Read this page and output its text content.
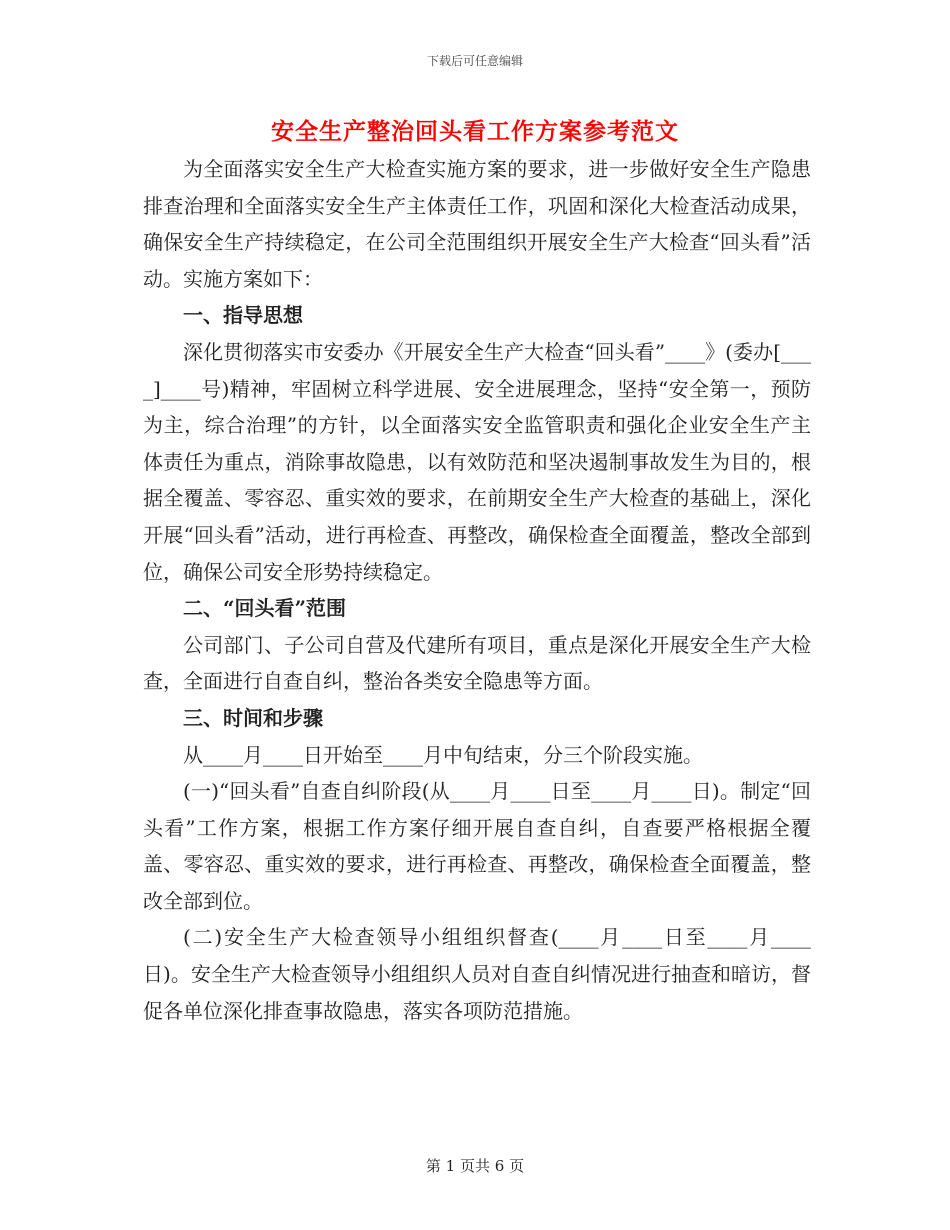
下载后可任意编辑
安全生产整治回头看工作方案参考范文

为全面落实安全生产大检查实施方案的要求，进一步做好安全生产隐患排查治理和全面落实安全生产主体责任工作，巩固和深化大检查活动成果，确保安全生产持续稳定，在公司全范围组织开展安全生产大检查“回头看”活动。实施方案如下：

一、指导思想

深化贯彻落实市安委办《开展安全生产大检查“回头看”____》(委办[____]____号)精神，牢固树立科学进展、安全进展理念，坚持“安全第一，预防为主，综合治理”的方针，以全面落实安全监管职责和强化企业安全生产主体责任为重点，消除事故隐患，以有效防范和坚决遏制事故发生为目的，根据全覆盖、零容忍、重实效的要求，在前期安全生产大检查的基础上，深化开展“回头看”活动，进行再检查、再整改，确保检查全面覆盖，整改全部到位，确保公司安全形势持续稳定。

二、“回头看”范围

公司部门、子公司自营及代建所有项目，重点是深化开展安全生产大检查，全面进行自查自纠，整治各类安全隐患等方面。

三、时间和步骤

从____月____日开始至____月中旬结束，分三个阶段实施。

(一)“回头看”自查自纠阶段(从____月____日至____月____日)。制定“回头看”工作方案，根据工作方案仔细开展自查自纠，自查要严格根据全覆盖、零容忍、重实效的要求，进行再检查、再整改，确保检查全面覆盖，整改全部到位。

(二)安全生产大检查领导小组组织督查(____月____日至____月____日)。安全生产大检查领导小组组织人员对自查自纠情况进行抽查和暗访，督促各单位深化排查事故隐患，落实各项防范措施。

第 1 页共 6 页
